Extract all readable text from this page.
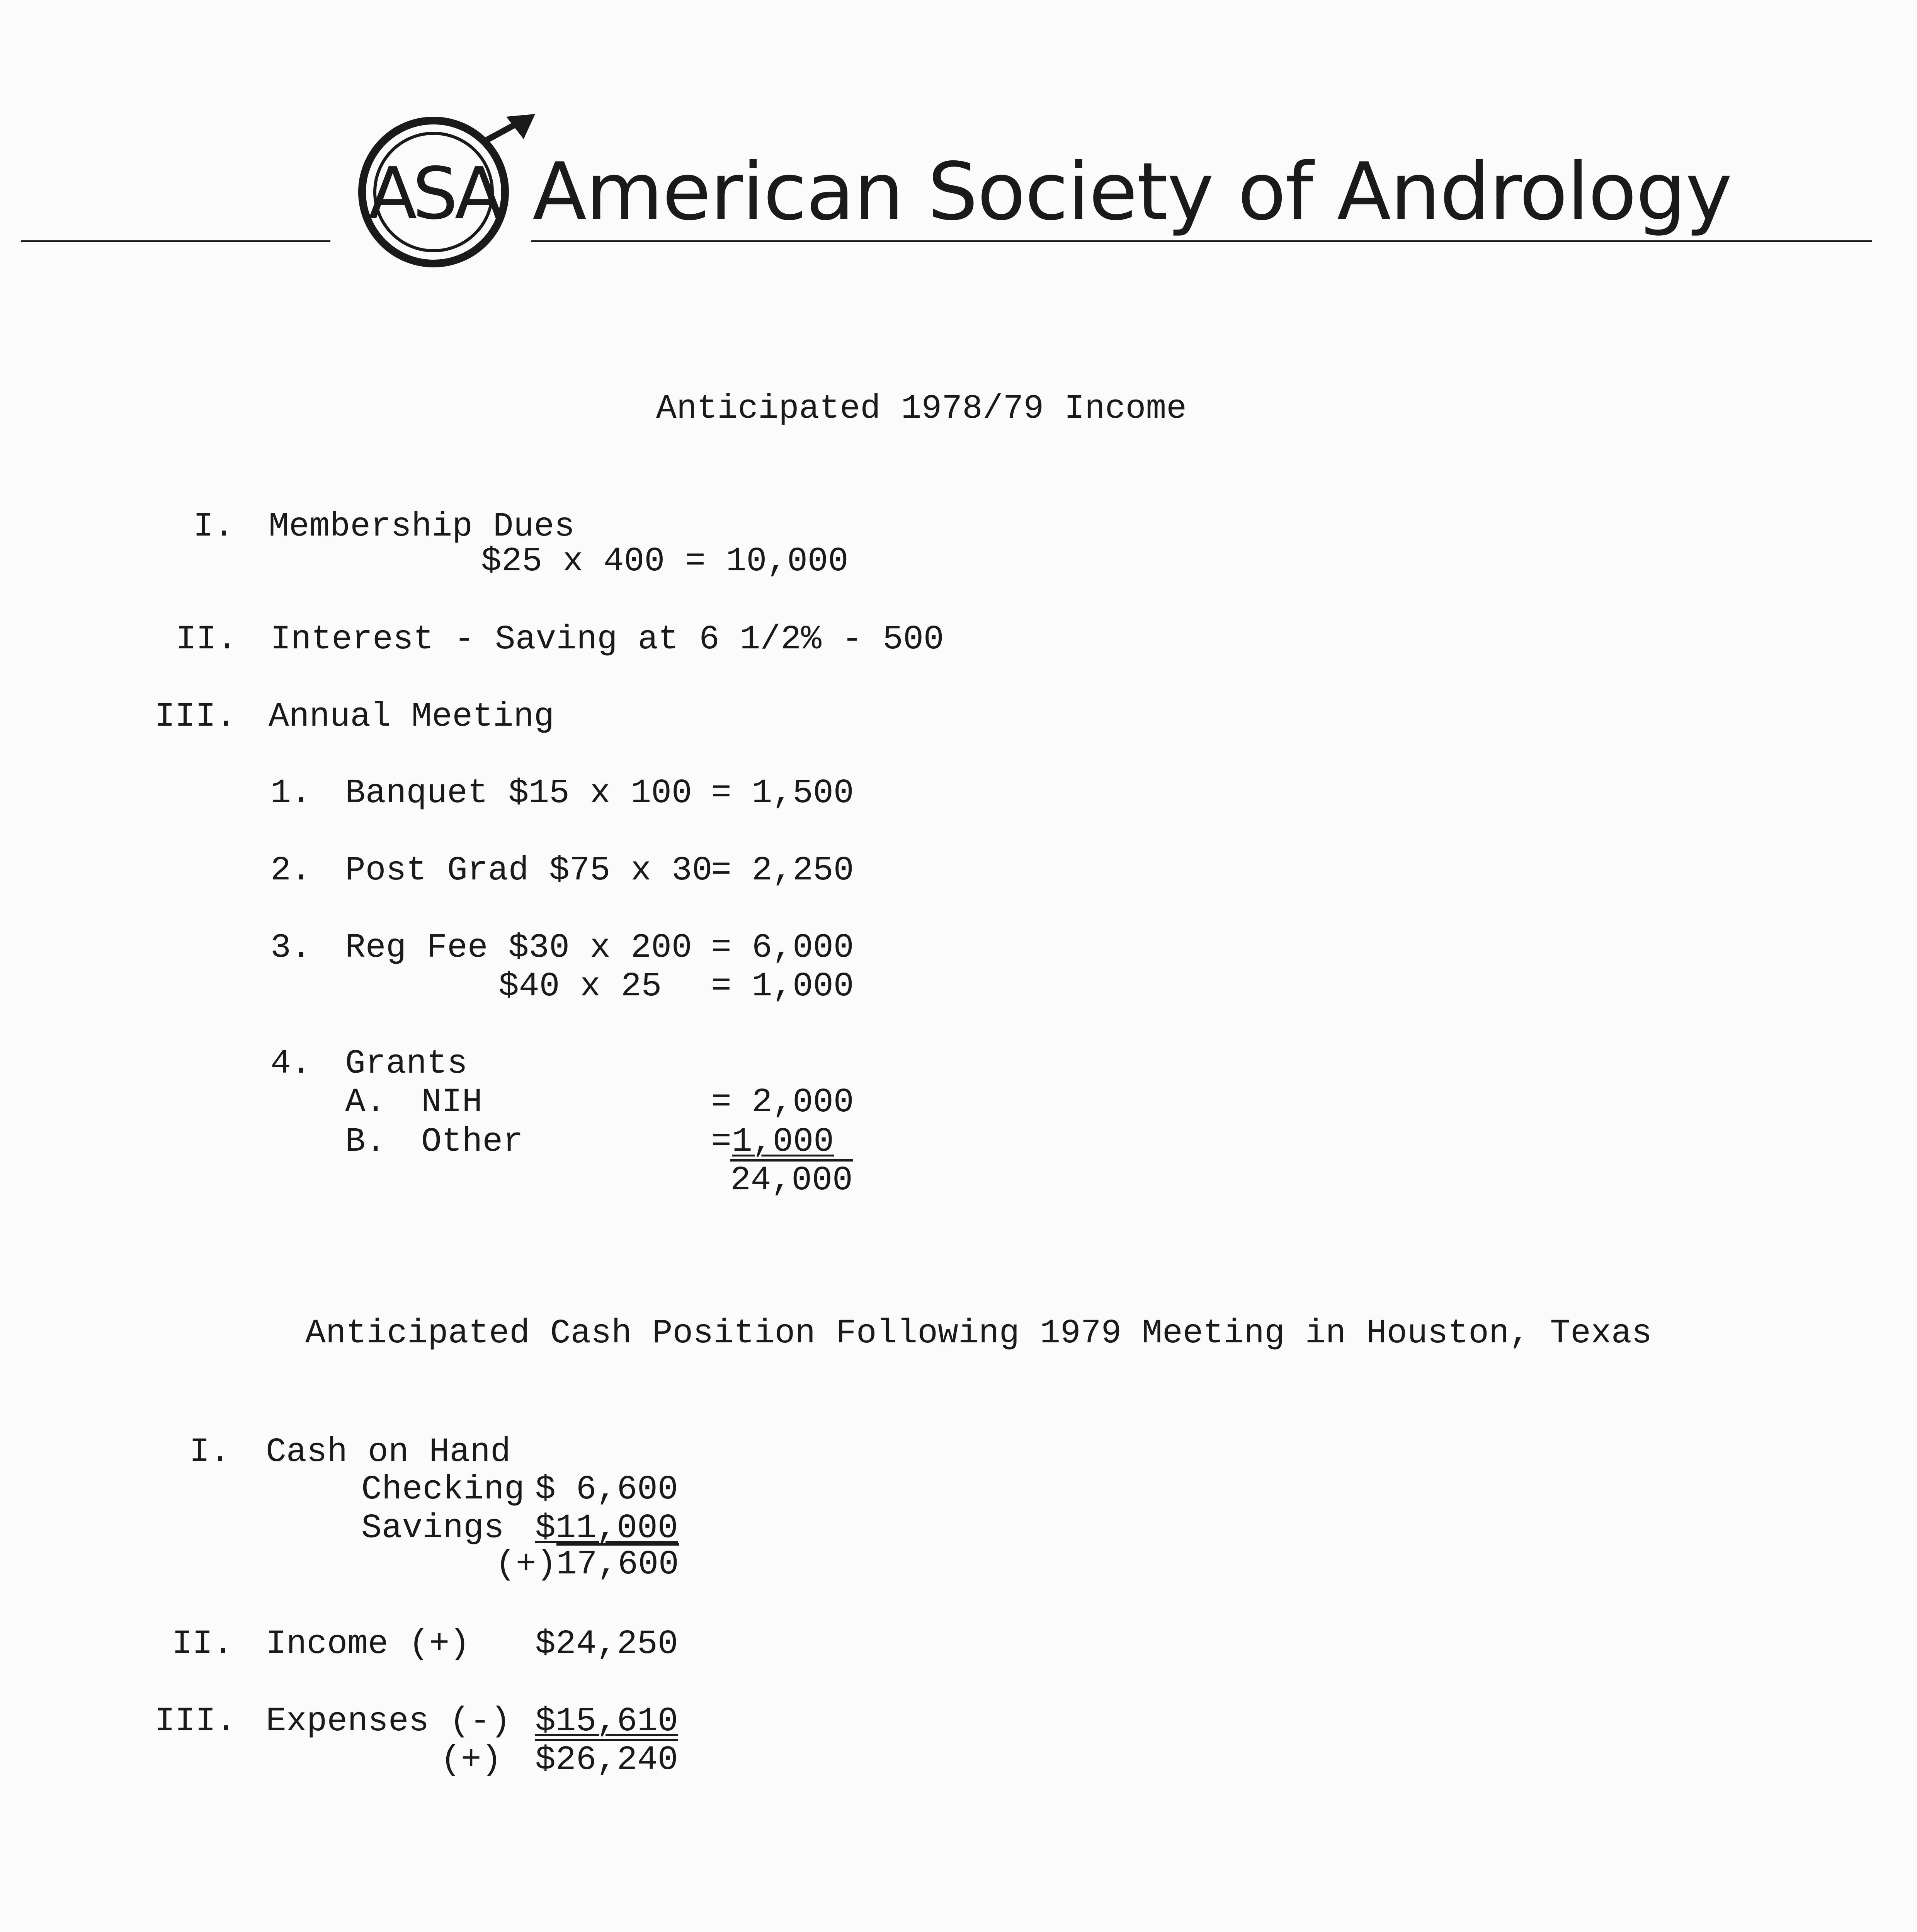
ASA American Society of Andrology
Anticipated 1978/79 Income
I. Membership Dues
$25 x 400 = 10,000
II. Interest - Saving at 6 1/2% - 500
III. Annual Meeting
1. Banquet $15 x 100 = 1,500
2. Post Grad $75 x 30
= 2,250
3. Reg Fee $30 x 200 = 6,000
$40 x 25 = 1,000
4. Grants
A. NIH	= 2,000
B. Other	= 1,000
24,000
Anticipated Cash Position Following 1979 Meeting in Houston, Texas
I. Cash on Hand
Checking $ 6,600
Savings $11,000
(+) 17,600
II. Income (+) $24,250
III. Expenses (-) $15,610
(+) $26,240
